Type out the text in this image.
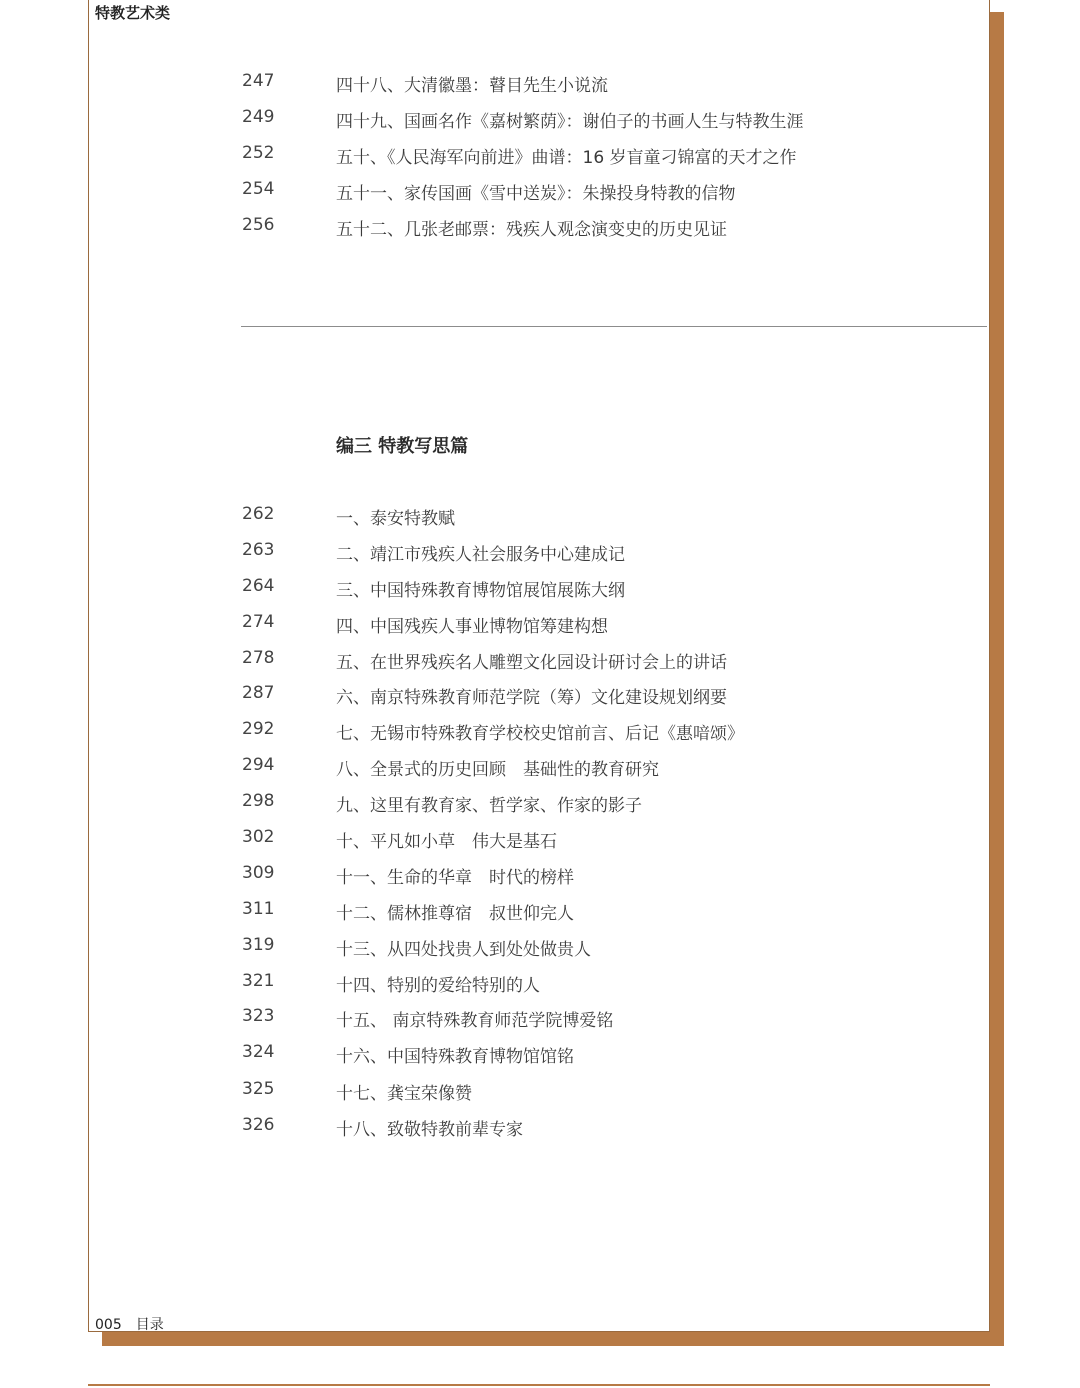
特教艺术类
247	四十八、大清徽墨：瞽目先生小说流
249	四十九、国画名作《嘉树繁荫》：谢伯子的书画人生与特教生涯
252	五十、《人民海军向前进》曲谱：16 岁盲童刁锦富的天才之作
254	五十一、家传国画《雪中送炭》：朱操投身特教的信物
256	五十二、几张老邮票：残疾人观念演变史的历史见证
编三 特教写思篇
262	一、泰安特教赋
263	二、靖江市残疾人社会服务中心建成记
264	三、中国特殊教育博物馆展馆展陈大纲
274	四、中国残疾人事业博物馆筹建构想
278	五、在世界残疾名人雕塑文化园设计研讨会上的讲话
287	六、南京特殊教育师范学院（筹）文化建设规划纲要
292	七、无锡市特殊教育学校校史馆前言、后记《惠喑颂》
294	八、全景式的历史回顾　基础性的教育研究
298	九、这里有教育家、哲学家、作家的影子
302	十、平凡如小草　伟大是基石
309	十一、生命的华章　时代的榜样
311	十二、儒林推尊宿　叔世仰完人
319	十三、从四处找贵人到处处做贵人
321	十四、特别的爱给特别的人
323	十五、 南京特殊教育师范学院博爱铭
324	十六、中国特殊教育博物馆馆铭
325	十七、龚宝荣像赞
326	十八、致敬特教前辈专家
005 目录
